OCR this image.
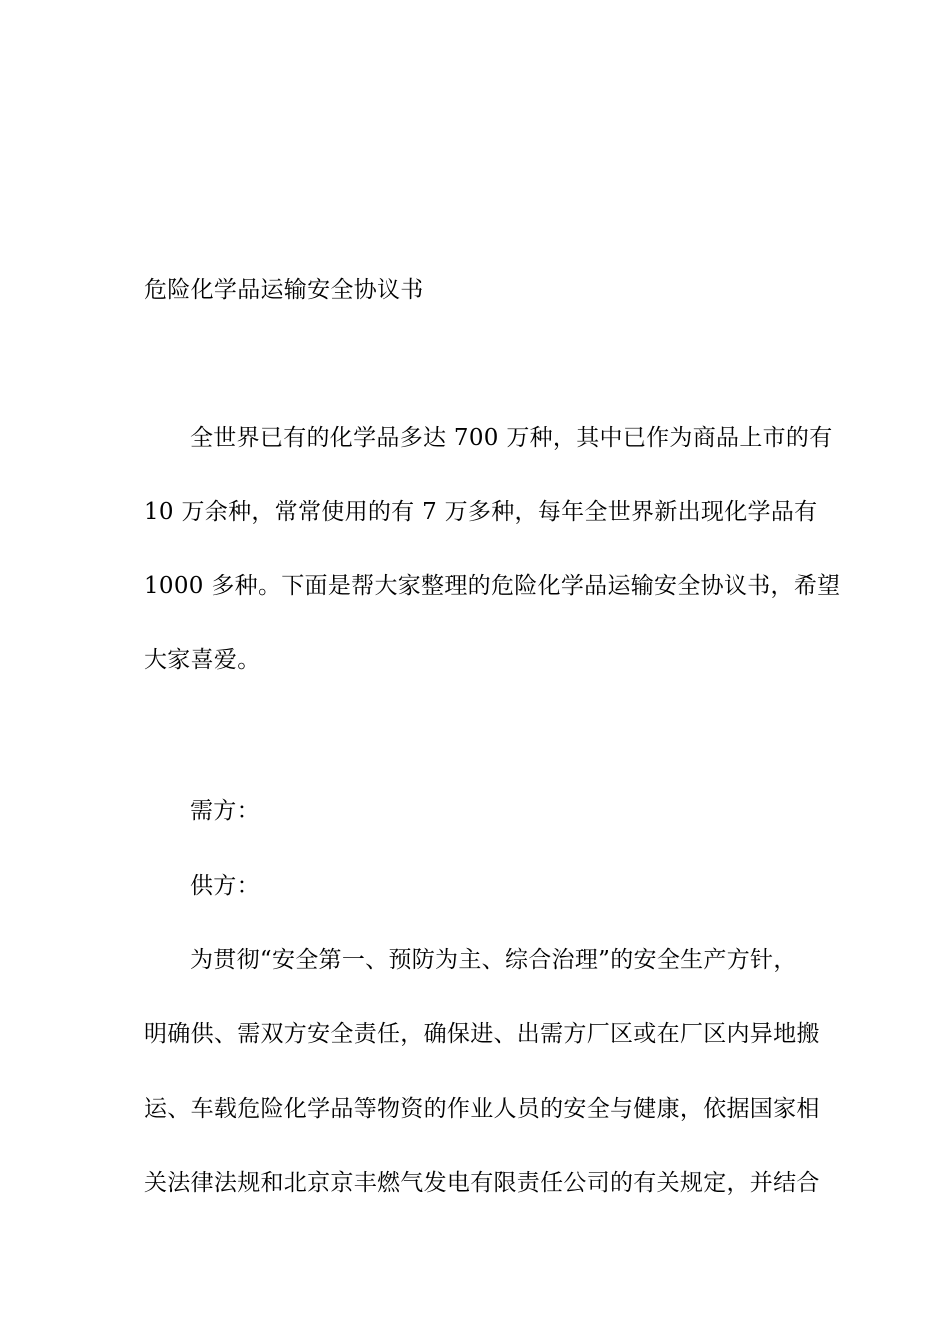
危险化学品运输安全协议书
全世界已有的化学品多达 700 万种，其中已作为商品上市的有
10 万余种，常常使用的有 7 万多种，每年全世界新出现化学品有
1000 多种。下面是帮大家整理的危险化学品运输安全协议书，希望
大家喜爱。
需方：
供方：
为贯彻“安全第一、预防为主、综合治理”的安全生产方针，
明确供、需双方安全责任，确保进、出需方厂区或在厂区内异地搬
运、车载危险化学品等物资的作业人员的安全与健康，依据国家相
关法律法规和北京京丰燃气发电有限责任公司的有关规定，并结合
